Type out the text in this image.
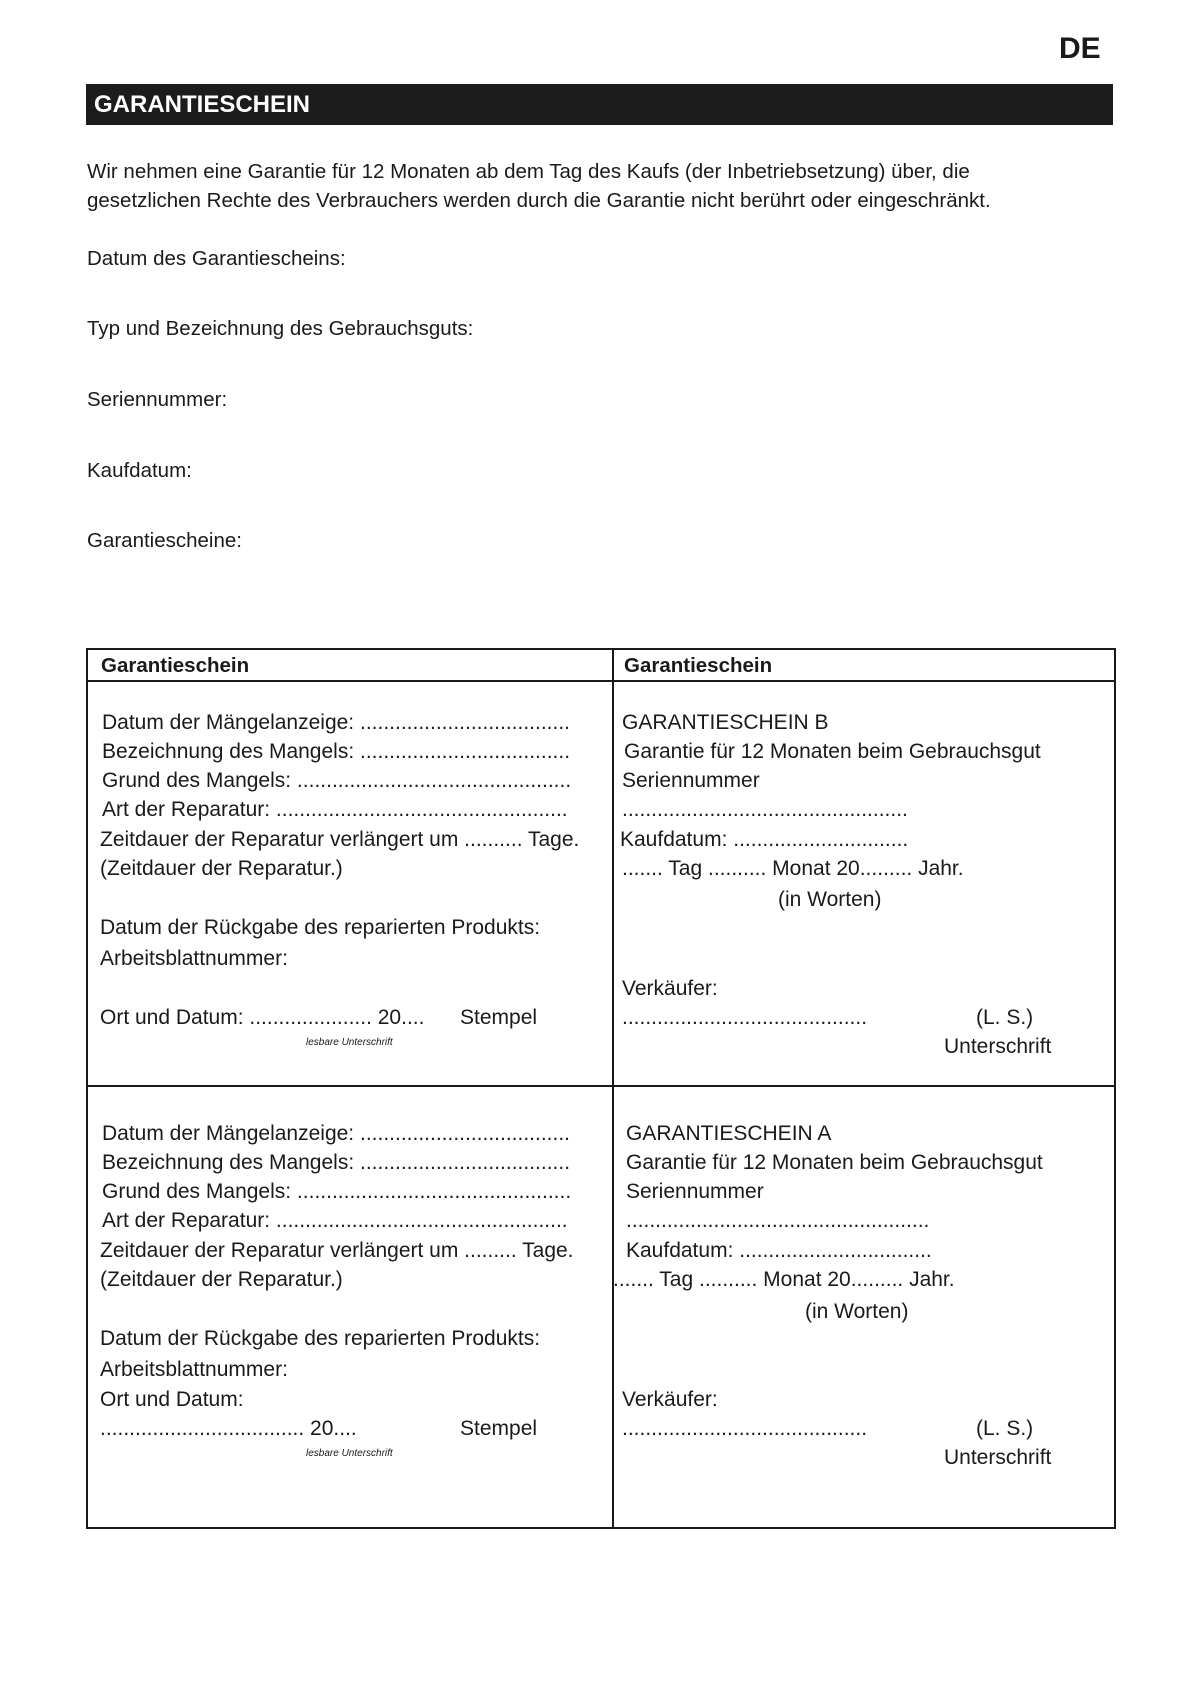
DE
GARANTIESCHEIN
Wir nehmen eine Garantie für 12 Monaten ab dem Tag des Kaufs (der Inbetriebsetzung) über, die
gesetzlichen Rechte des Verbrauchers werden durch die Garantie nicht berührt oder eingeschränkt.
Datum des Garantiescheins:
Typ und Bezeichnung des Gebrauchsguts:
Seriennummer:
Kaufdatum:
Garantiescheine:
Garantieschein	Garantieschein
Datum der Mängelanzeige: ....................................
Bezeichnung des Mangels: ....................................
Grund des Mangels: ...............................................
Art der Reparatur: ..................................................
Zeitdauer der Reparatur verlängert um .......... Tage.
(Zeitdauer der Reparatur.)
Datum der Rückgabe des reparierten Produkts:
Arbeitsblattnummer:
Ort und Datum: ..................... 20.... Stempel
lesbare Unterschrift
GARANTIESCHEIN B
Garantie für 12 Monaten beim Gebrauchsgut
Seriennummer
.................................................
Kaufdatum: ..............................
....... Tag .......... Monat 20......... Jahr.
(in Worten)
Verkäufer:
..........................................	(L. S.)
Unterschrift
Datum der Mängelanzeige: ....................................
Bezeichnung des Mangels: ....................................
Grund des Mangels: ...............................................
Art der Reparatur: ..................................................
Zeitdauer der Reparatur verlängert um ......... Tage.
(Zeitdauer der Reparatur.)
Datum der Rückgabe des reparierten Produkts:
Arbeitsblattnummer:
Ort und Datum:
................................... 20....	Stempel
lesbare Unterschrift
GARANTIESCHEIN A
Garantie für 12 Monaten beim Gebrauchsgut
Seriennummer
....................................................
Kaufdatum: .................................
....... Tag .......... Monat 20......... Jahr.
(in Worten)
Verkäufer:
..........................................	(L. S.)
Unterschrift
